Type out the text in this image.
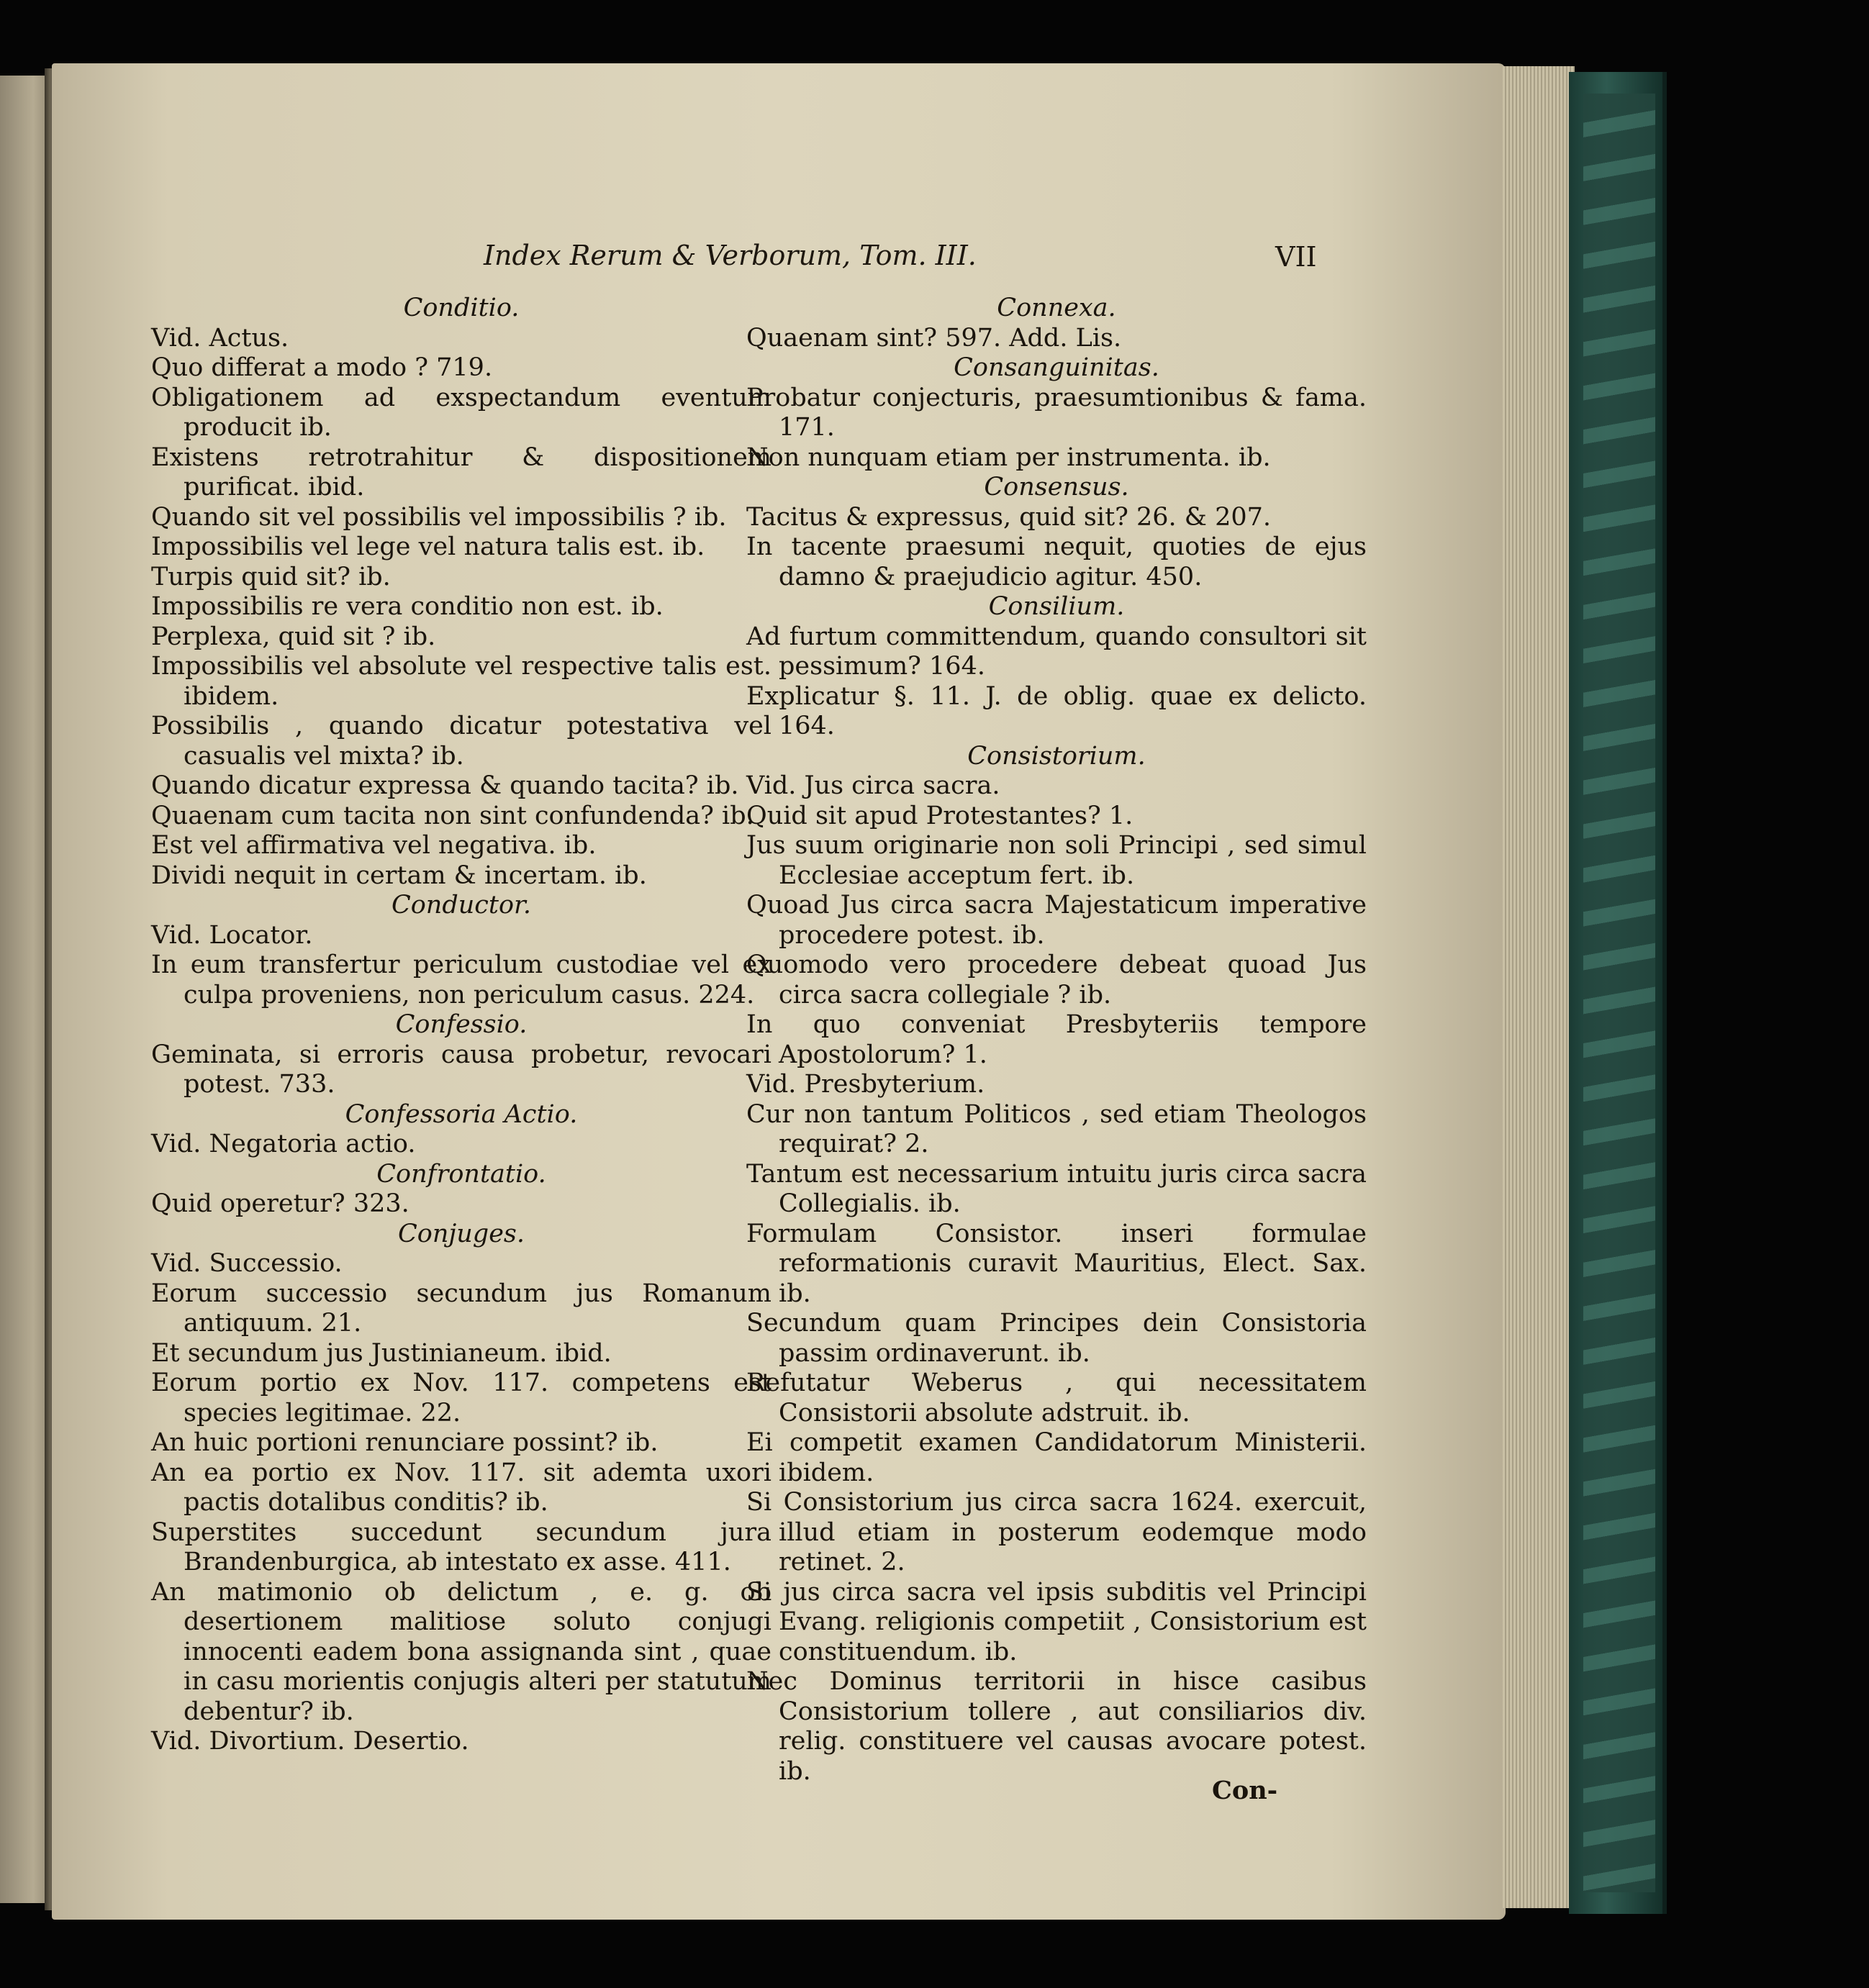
Index Rerum & Verborum, Tom. III.	VII
Conditio.
Vid. Actus.
Quo differat a modo ? 719.
Obligationem ad exspectandum eventum producit ib.
Existens retrotrahitur & dispositionem purificat. ibid.
Quando sit vel possibilis vel impossibilis ? ib.
Impossibilis vel lege vel natura talis est. ib.
Turpis quid sit? ib.
Impossibilis re vera conditio non est. ib.
Perplexa, quid sit ? ib.
Impossibilis vel absolute vel respective talis est. ibidem.
Possibilis , quando dicatur potestativa vel casualis vel mixta? ib.
Quando dicatur expressa & quando tacita? ib.
Quaenam cum tacita non sint confundenda? ib.
Est vel affirmativa vel negativa. ib.
Dividi nequit in certam & incertam. ib.
Conductor.
Vid. Locator.
In eum transfertur periculum custodiae vel ex culpa proveniens, non periculum casus. 224.
Confessio.
Geminata, si erroris causa probetur, revocari potest. 733.
Confessoria Actio.
Vid. Negatoria actio.
Confrontatio.
Quid operetur? 323.
Conjuges.
Vid. Successio.
Eorum successio secundum jus Romanum antiquum. 21.
Et secundum jus Justinianeum. ibid.
Eorum portio ex Nov. 117. competens est species legitimae. 22.
An huic portioni renunciare possint? ib.
An ea portio ex Nov. 117. sit ademta uxori pactis dotalibus conditis? ib.
Superstites succedunt secundum jura Brandenburgica, ab intestato ex asse. 411.
An matimonio ob delictum , e. g. ob desertionem malitiose soluto conjugi innocenti eadem bona assignanda sint , quae in casu morientis conjugis alteri per statutum debentur? ib.
Vid. Divortium. Desertio.
Connexa.
Quaenam sint? 597. Add. Lis.
Consanguinitas.
Probatur conjecturis, praesumtionibus & fama. 171.
Non nunquam etiam per instrumenta. ib.
Consensus.
Tacitus & expressus, quid sit? 26. & 207.
In tacente praesumi nequit, quoties de ejus damno & praejudicio agitur. 450.
Consilium.
Ad furtum committendum, quando consultori sit pessimum? 164.
Explicatur §. 11. J. de oblig. quae ex delicto. 164.
Consistorium.
Vid. Jus circa sacra.
Quid sit apud Protestantes? 1.
Jus suum originarie non soli Principi , sed simul Ecclesiae acceptum fert. ib.
Quoad Jus circa sacra Majestaticum imperative procedere potest. ib.
Quomodo vero procedere debeat quoad Jus circa sacra collegiale ? ib.
In quo conveniat Presbyteriis tempore Apostolorum? 1.
Vid. Presbyterium.
Cur non tantum Politicos , sed etiam Theologos requirat? 2.
Tantum est necessarium intuitu juris circa sacra Collegialis. ib.
Formulam Consistor. inseri formulae reformationis curavit Mauritius, Elect. Sax. ib.
Secundum quam Principes dein Consistoria passim ordinaverunt. ib.
Refutatur Weberus , qui necessitatem Consistorii absolute adstruit. ib.
Ei competit examen Candidatorum Ministerii. ibidem.
Si Consistorium jus circa sacra 1624. exercuit, illud etiam in posterum eodemque modo retinet. 2.
Si jus circa sacra vel ipsis subditis vel Principi Evang. religionis competiit , Consistorium est constituendum. ib.
Nec Dominus territorii in hisce casibus Consistorium tollere , aut consiliarios div. relig. constituere vel causas avocare potest. ib.
Con-
